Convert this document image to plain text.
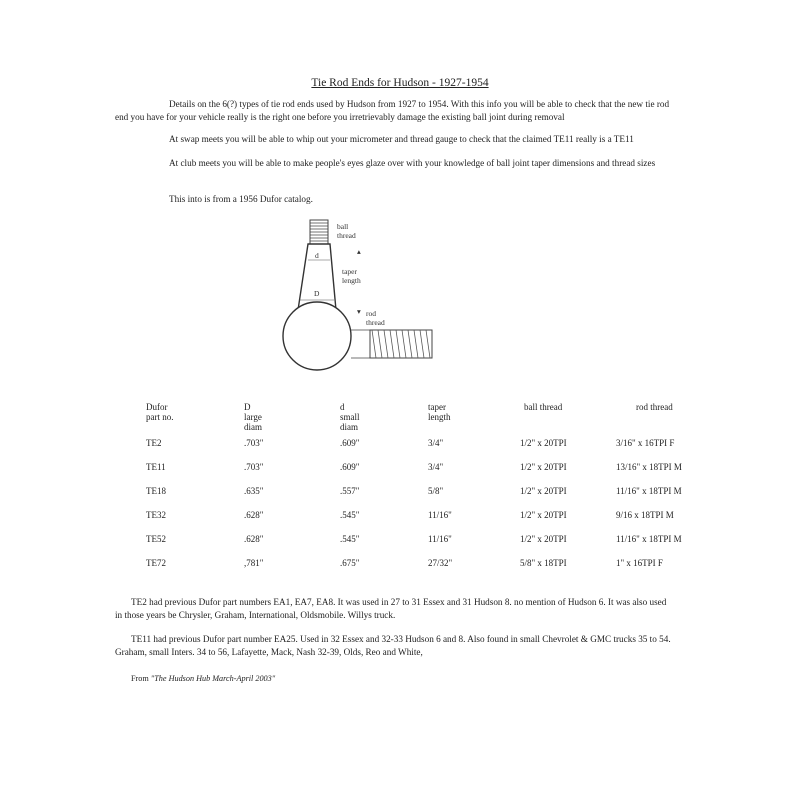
Tie Rod Ends for Hudson - 1927-1954
Details on the 6(?) types of tie rod ends used by Hudson from 1927 to 1954. With this info you will be able to check that the new tie rod end you have for your vehicle really is the right one before you irretrievably damage the existing ball joint during removal
At swap meets you will be able to whip out your micrometer and thread gauge to check that the claimed TE11 really is a TE11
At club meets you will be able to make people's eyes glaze over with your knowledge of ball joint taper dimensions and thread sizes
This into is from a 1956 Dufor catalog.
▴
▾
ball
thread
d
taper
length
D
rod
thread
Dufor
part no.	D
large
diam	d
small
diam	taper
length	ball thread	rod thread
TE2	.703"	.609"	3/4"	1/2" x 20TPI	3/16" x 16TPI F
TE11	.703"	.609"	3/4"	1/2" x 20TPI	13/16" x 18TPI M
TE18	.635"	.557"	5/8"	1/2" x 20TPI	11/16" x 18TPI M
TE32	.628"	.545"	11/16"	1/2" x 20TPI	9/16 x 18TPI M
TE52	.628"	.545"	11/16"	1/2" x 20TPI	11/16" x 18TPI M
TE72	,781"	.675"	27/32"	5/8" x 18TPI	1" x 16TPI F
TE2 had previous Dufor part numbers EA1, EA7, EA8. It was used in 27 to 31 Essex and 31 Hudson 8. no mention of Hudson 6. It was also used in those years be Chrysler, Graham, International, Oldsmobile. Willys truck.
TE11 had previous Dufor part number EA25. Used in 32 Essex and 32-33 Hudson 6 and 8. Also found in small Chevrolet & GMC trucks 35 to 54. Graham, small Inters. 34 to 56, Lafayette, Mack, Nash 32-39, Olds, Reo and White,
From "The Hudson Hub March-April 2003"
